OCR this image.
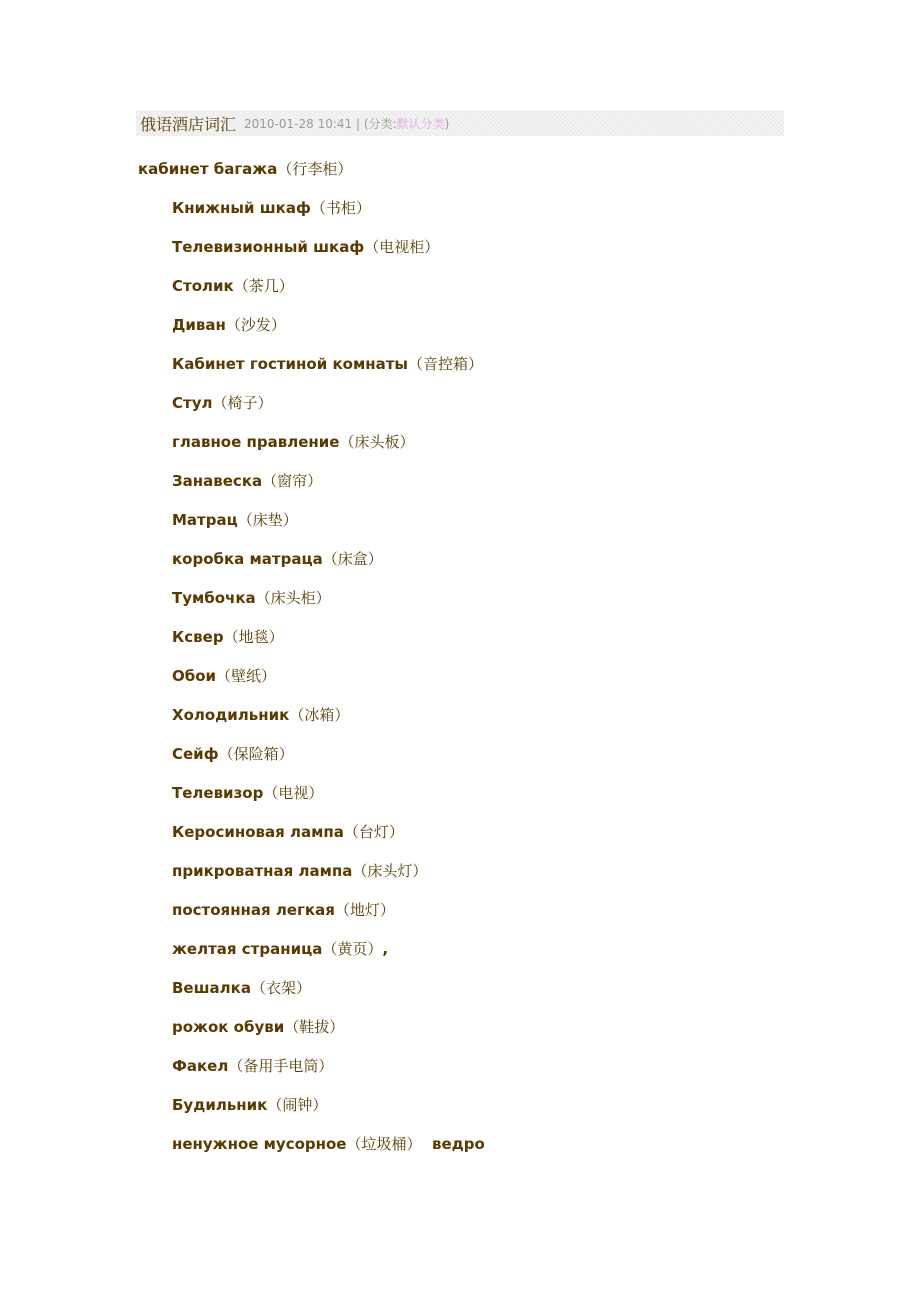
俄语酒店词汇 2010-01-28 10:41 | (分类:默认分类)
кабинет багажа（行李柜）
Книжный шкаф（书柜）
Телевизионный шкаф（电视柜）
Столик（茶几）
Диван（沙发）
Кабинет гостиной комнаты（音控箱）
Стул（椅子）
главное правление（床头板）
Занавеска（窗帘）
Матрац（床垫）
коробка матраца（床盒）
Тумбочка（床头柜）
Ксвер（地毯）
Обои（壁纸）
Холодильник（冰箱）
Сейф（保险箱）
Телевизор（电视）
Керосиновая лампа（台灯）
прикроватная лампа（床头灯）
постоянная легкая（地灯）
желтая страница（黄页）,
Вешалка（衣架）
рожок обуви（鞋拔）
Факел（备用手电筒）
Будильник（闹钟）
ненужное мусорное（垃圾桶）  ведро
